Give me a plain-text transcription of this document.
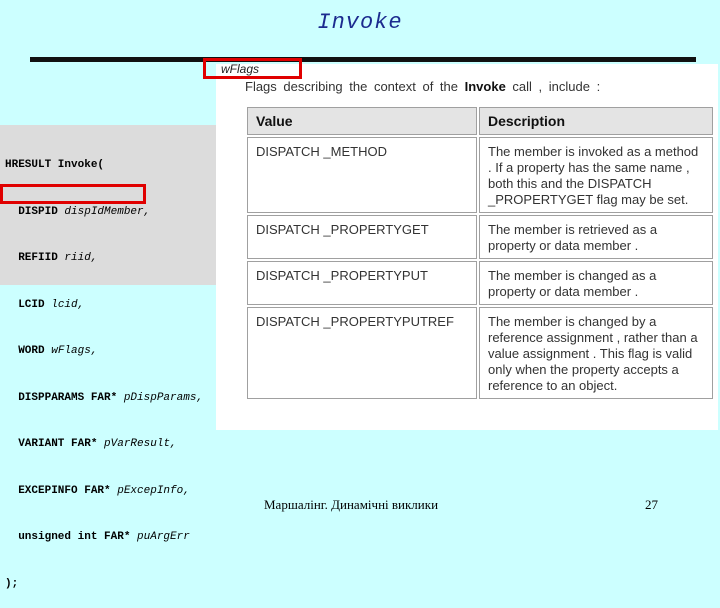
Invoke

HRESULT Invoke(

DISPID dispIdMember,

REFIID riid,

LCID lcid,

WORD wFlags,

DISPPARAMS FAR* pDispParams,

VARIANT FAR* pVarResult,

EXCEPINFO FAR* pExcepInfo,

unsigned int FAR* puArgErr

);

wFlags
Flags describing the context of the Invoke call , include :
Value	Description
DISPATCH _METHOD	The member is invoked as a method . If a property has the same name , both this and the DISPATCH _PROPERTYGET flag may be set.
DISPATCH _PROPERTYGET	The member is retrieved as a property or data member .
DISPATCH _PROPERTYPUT	The member is changed as a property or data member .
DISPATCH _PROPERTYPUTREF	The member is changed by a reference assignment , rather than a value assignment . This flag is valid only when the property accepts a reference to an object.
Маршалінг. Динамічні виклики	27
